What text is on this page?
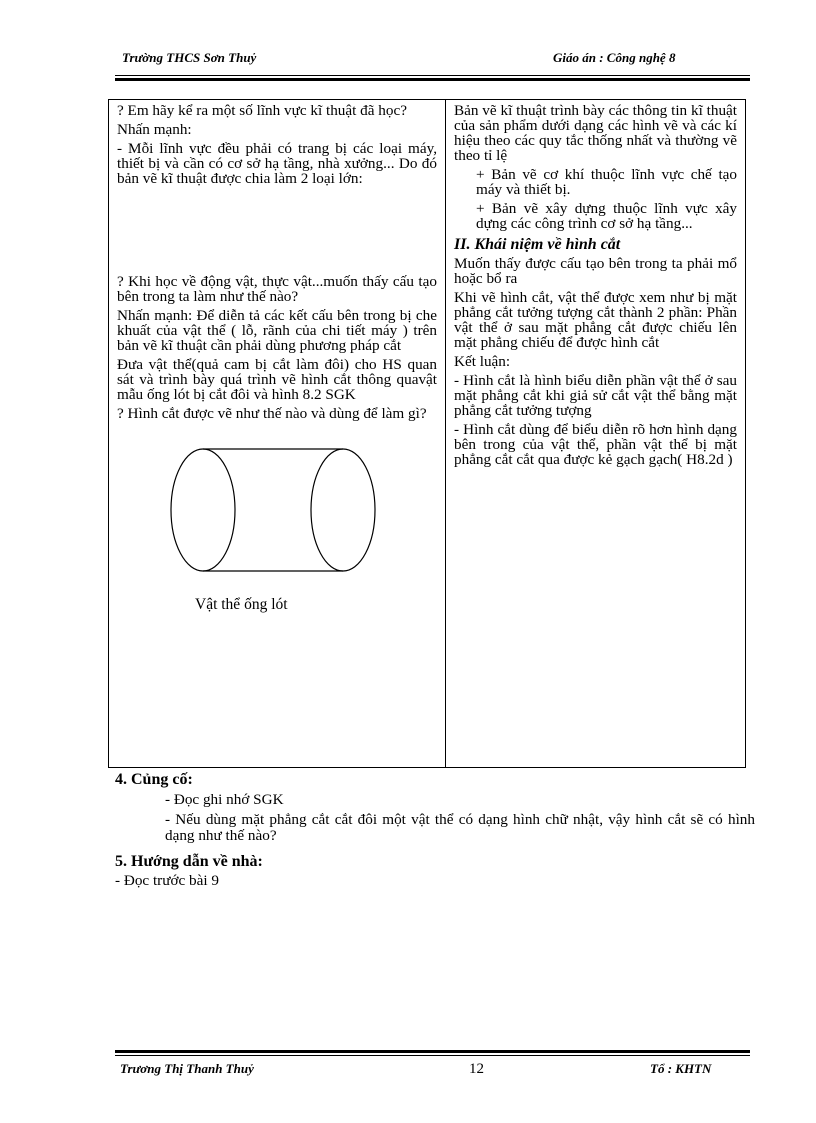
Trường THCS Sơn Thuỷ	Giáo án : Công nghệ 8

? Em hãy kể ra một số lĩnh vực kĩ thuật đã học?

Nhấn mạnh:

- Mỗi lĩnh vực đều phải có trang bị các loại máy, thiết bị và cần có cơ sở hạ tầng, nhà xưởng... Do đó bản vẽ kĩ thuật được chia làm 2 loại lớn:

? Khi học về động vật, thực vật...muốn thấy cấu tạo bên trong ta làm như thế nào?

Nhấn mạnh: Để diễn tả các kết cấu bên trong bị che khuất của vật thể ( lỗ, rãnh của chi tiết máy ) trên bản vẽ kĩ thuật cần phải dùng phương pháp cắt

Đưa vật thể(quả cam bị cắt làm đôi) cho HS quan sát và trình bày quá trình vẽ hình cắt thông quavật mẫu ống lót bị cắt đôi và hình 8.2 SGK

? Hình cắt được vẽ như thế nào và dùng để làm gì?

Vật thể ống lót

Bản vẽ kĩ thuật trình bày các thông tin kĩ thuật của sản phẩm dưới dạng các hình vẽ và các kí hiệu theo các quy tắc thống nhất và thường vẽ theo tỉ lệ

+ Bản vẽ cơ khí thuộc lĩnh vực chế tạo máy và thiết bị.

+ Bản vẽ xây dựng thuộc lĩnh vực xây dựng các công trình cơ sở hạ tầng...

II. Khái niệm về hình cắt

Muốn thấy được cấu tạo bên trong ta phải mổ hoặc bổ ra

Khi vẽ hình cắt, vật thể được xem như bị mặt phẳng cắt tưởng tượng cắt thành 2 phần: Phần vật thể ở sau mặt phẳng cắt được chiếu lên mặt phẳng chiếu để được hình cắt

Kết luận:

- Hình cắt là hình biểu diễn phần vật thể ở sau mặt phẳng cắt khi giả sử cắt vật thể bằng mặt phẳng cắt tưởng tượng

- Hình cắt dùng để biểu diễn rõ hơn hình dạng bên trong của vật thể, phần vật thể bị mặt phẳng cắt cắt qua được kẻ gạch gạch( H8.2d )

4. Củng cố:
- Đọc ghi nhớ SGK
- Nếu dùng mặt phẳng cắt cắt đôi một vật thể có dạng hình chữ nhật, vậy hình cắt sẽ có hình dạng như thế nào?
5. Hướng dẫn về nhà:
- Đọc trước bài 9
Trương Thị Thanh Thuỷ	12	Tổ : KHTN
